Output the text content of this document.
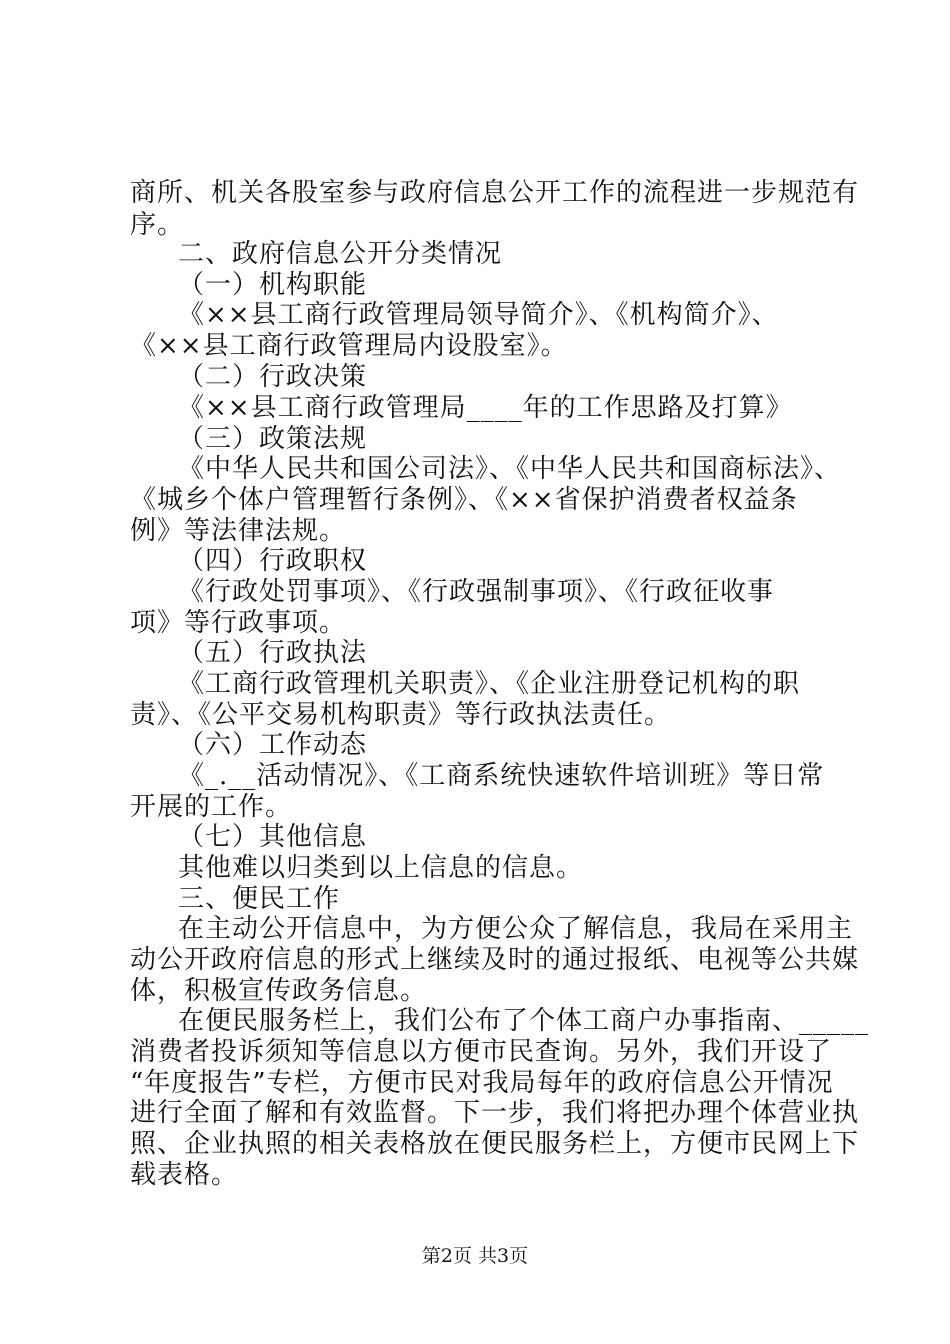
商所、机关各股室参与政府信息公开工作的流程进一步规范有
序。
二、政府信息公开分类情况
（一）机构职能
《××县工商行政管理局领导简介》、《机构简介》、
《××县工商行政管理局内设股室》。
（二）行政决策
《××县工商行政管理局____年的工作思路及打算》
（三）政策法规
《中华人民共和国公司法》、《中华人民共和国商标法》、
《城乡个体户管理暂行条例》、《××省保护消费者权益条
例》等法律法规。
（四）行政职权
《行政处罚事项》、《行政强制事项》、《行政征收事
项》等行政事项。
（五）行政执法
《工商行政管理机关职责》、《企业注册登记机构的职
责》、《公平交易机构职责》等行政执法责任。
（六）工作动态
《_.__活动情况》、《工商系统快速软件培训班》等日常
开展的工作。
（七）其他信息
其他难以归类到以上信息的信息。
三、便民工作
在主动公开信息中，为方便公众了解信息，我局在采用主
动公开政府信息的形式上继续及时的通过报纸、电视等公共媒
体，积极宣传政务信息。
在便民服务栏上，我们公布了个体工商户办事指南、_____
消费者投诉须知等信息以方便市民查询。另外，我们开设了
“年度报告”专栏，方便市民对我局每年的政府信息公开情况
进行全面了解和有效监督。下一步，我们将把办理个体营业执
照、企业执照的相关表格放在便民服务栏上，方便市民网上下
载表格。
第2页 共3页
